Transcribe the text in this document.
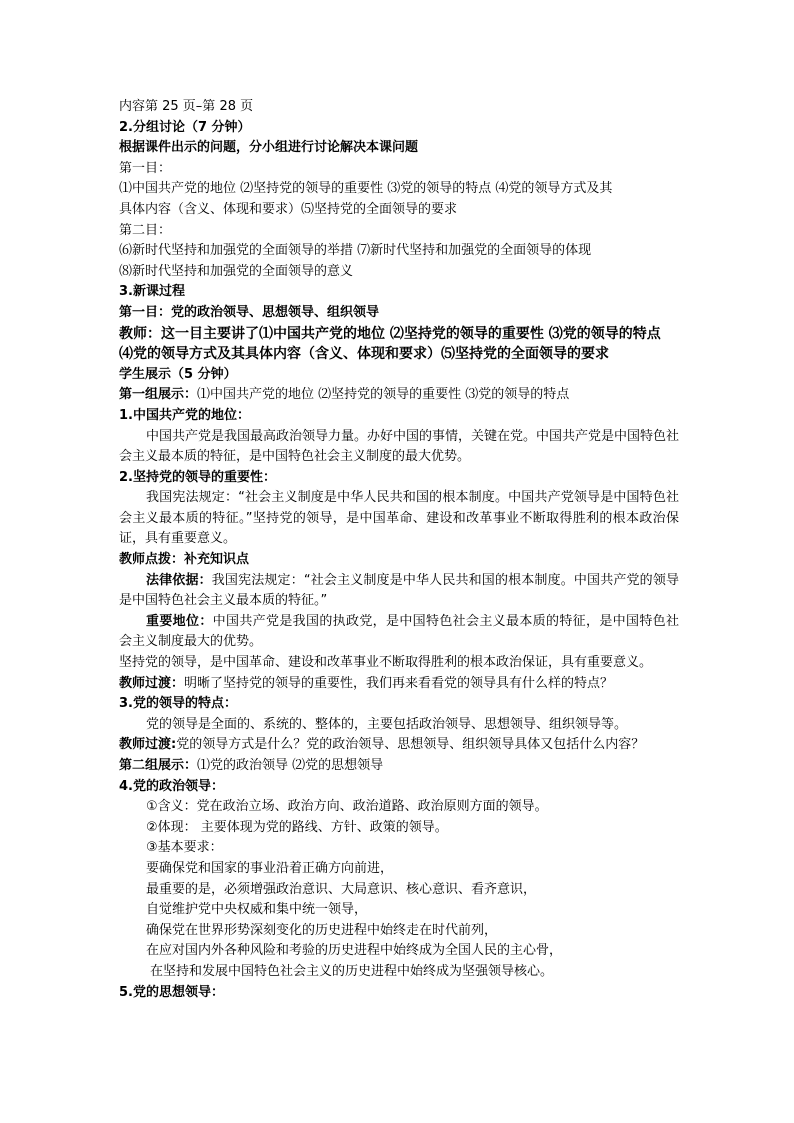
内容第 25 页–第 28 页
2.分组讨论（7 分钟）
根据课件出示的问题，分小组进行讨论解决本课问题
第一目：
⑴中国共产党的地位 ⑵坚持党的领导的重要性 ⑶党的领导的特点 ⑷党的领导方式及其
具体内容（含义、体现和要求）⑸坚持党的全面领导的要求
第二目：
⑹新时代坚持和加强党的全面领导的举措 ⑺新时代坚持和加强党的全面领导的体现
⑻新时代坚持和加强党的全面领导的意义
3.新课过程
第一目：党的政治领导、思想领导、组织领导
教师：这一目主要讲了⑴中国共产党的地位 ⑵坚持党的领导的重要性 ⑶党的领导的特点
⑷党的领导方式及其具体内容（含义、体现和要求）⑸坚持党的全面领导的要求
学生展示（5 分钟）
第一组展示：⑴中国共产党的地位 ⑵坚持党的领导的重要性 ⑶党的领导的特点
1.中国共产党的地位：
中国共产党是我国最高政治领导力量。办好中国的事情，关键在党。中国共产党是中国特色社会主义最本质的特征，是中国特色社会主义制度的最大优势。
2.坚持党的领导的重要性：
我国宪法规定：“社会主义制度是中华人民共和国的根本制度。中国共产党领导是中国特色社会主义最本质的特征。”坚持党的领导，是中国革命、建设和改革事业不断取得胜利的根本政治保证，具有重要意义。
教师点拨：补充知识点
法律依据：我国宪法规定：“社会主义制度是中华人民共和国的根本制度。中国共产党的领导是中国特色社会主义最本质的特征。”
重要地位：中国共产党是我国的执政党，是中国特色社会主义最本质的特征，是中国特色社会主义制度最大的优势。
坚持党的领导，是中国革命、建设和改革事业不断取得胜利的根本政治保证，具有重要意义。
教师过渡：明晰了坚持党的领导的重要性，我们再来看看党的领导具有什么样的特点？
3.党的领导的特点：
党的领导是全面的、系统的、整体的，主要包括政治领导、思想领导、组织领导等。
教师过渡:党的领导方式是什么？党的政治领导、思想领导、组织领导具体又包括什么内容？
第二组展示：⑴党的政治领导 ⑵党的思想领导
4.党的政治领导：
①含义：党在政治立场、政治方向、政治道路、政治原则方面的领导。
②体现： 主要体现为党的路线、方针、政策的领导。
③基本要求：
要确保党和国家的事业沿着正确方向前进，
最重要的是，必须增强政治意识、大局意识、核心意识、看齐意识，
自觉维护党中央权威和集中统一领导，
确保党在世界形势深刻变化的历史进程中始终走在时代前列，
在应对国内外各种风险和考验的历史进程中始终成为全国人民的主心骨，
在坚持和发展中国特色社会主义的历史进程中始终成为坚强领导核心。
5.党的思想领导：
